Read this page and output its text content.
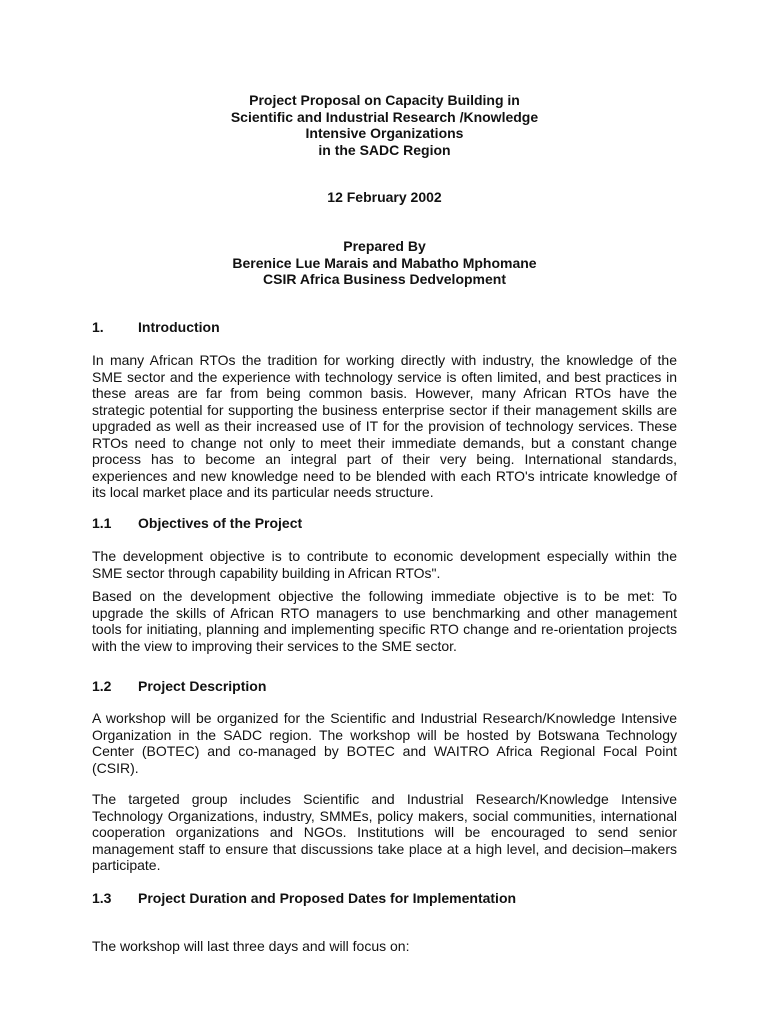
Project Proposal on Capacity Building in
Scientific and Industrial Research /Knowledge
Intensive Organizations
in the SADC Region
12 February 2002
Prepared By
Berenice Lue Marais and Mabatho Mphomane
CSIR Africa Business Dedvelopment
1. Introduction
In many African RTOs the tradition for working directly with industry, the knowledge of the SME sector and the experience with technology service is often limited, and best practices in these areas are far from being common basis. However, many African RTOs have the strategic potential for supporting the business enterprise sector if their management skills are upgraded as well as their increased use of IT for the provision of technology services. These RTOs need to change not only to meet their immediate demands, but a constant change process has to become an integral part of their very being. International standards, experiences and new knowledge need to be blended with each RTO's intricate knowledge of its local market place and its particular needs structure.
1.1 Objectives of the Project
The development objective is to contribute to economic development especially within the SME sector through capability building in African RTOs".
Based on the development objective the following immediate objective is to be met: To upgrade the skills of African RTO managers to use benchmarking and other management tools for initiating, planning and implementing specific RTO change and re-orientation projects with the view to improving their services to the SME sector.
1.2 Project Description
A workshop will be organized for the Scientific and Industrial Research/Knowledge Intensive Organization in the SADC region. The workshop will be hosted by Botswana Technology Center (BOTEC) and co-managed by BOTEC and WAITRO Africa Regional Focal Point (CSIR).
The targeted group includes Scientific and Industrial Research/Knowledge Intensive Technology Organizations, industry, SMMEs, policy makers, social communities, international cooperation organizations and NGOs. Institutions will be encouraged to send senior management staff to ensure that discussions take place at a high level, and decision–makers participate.
1.3 Project Duration and Proposed Dates for Implementation
The workshop will last three days and will focus on:
